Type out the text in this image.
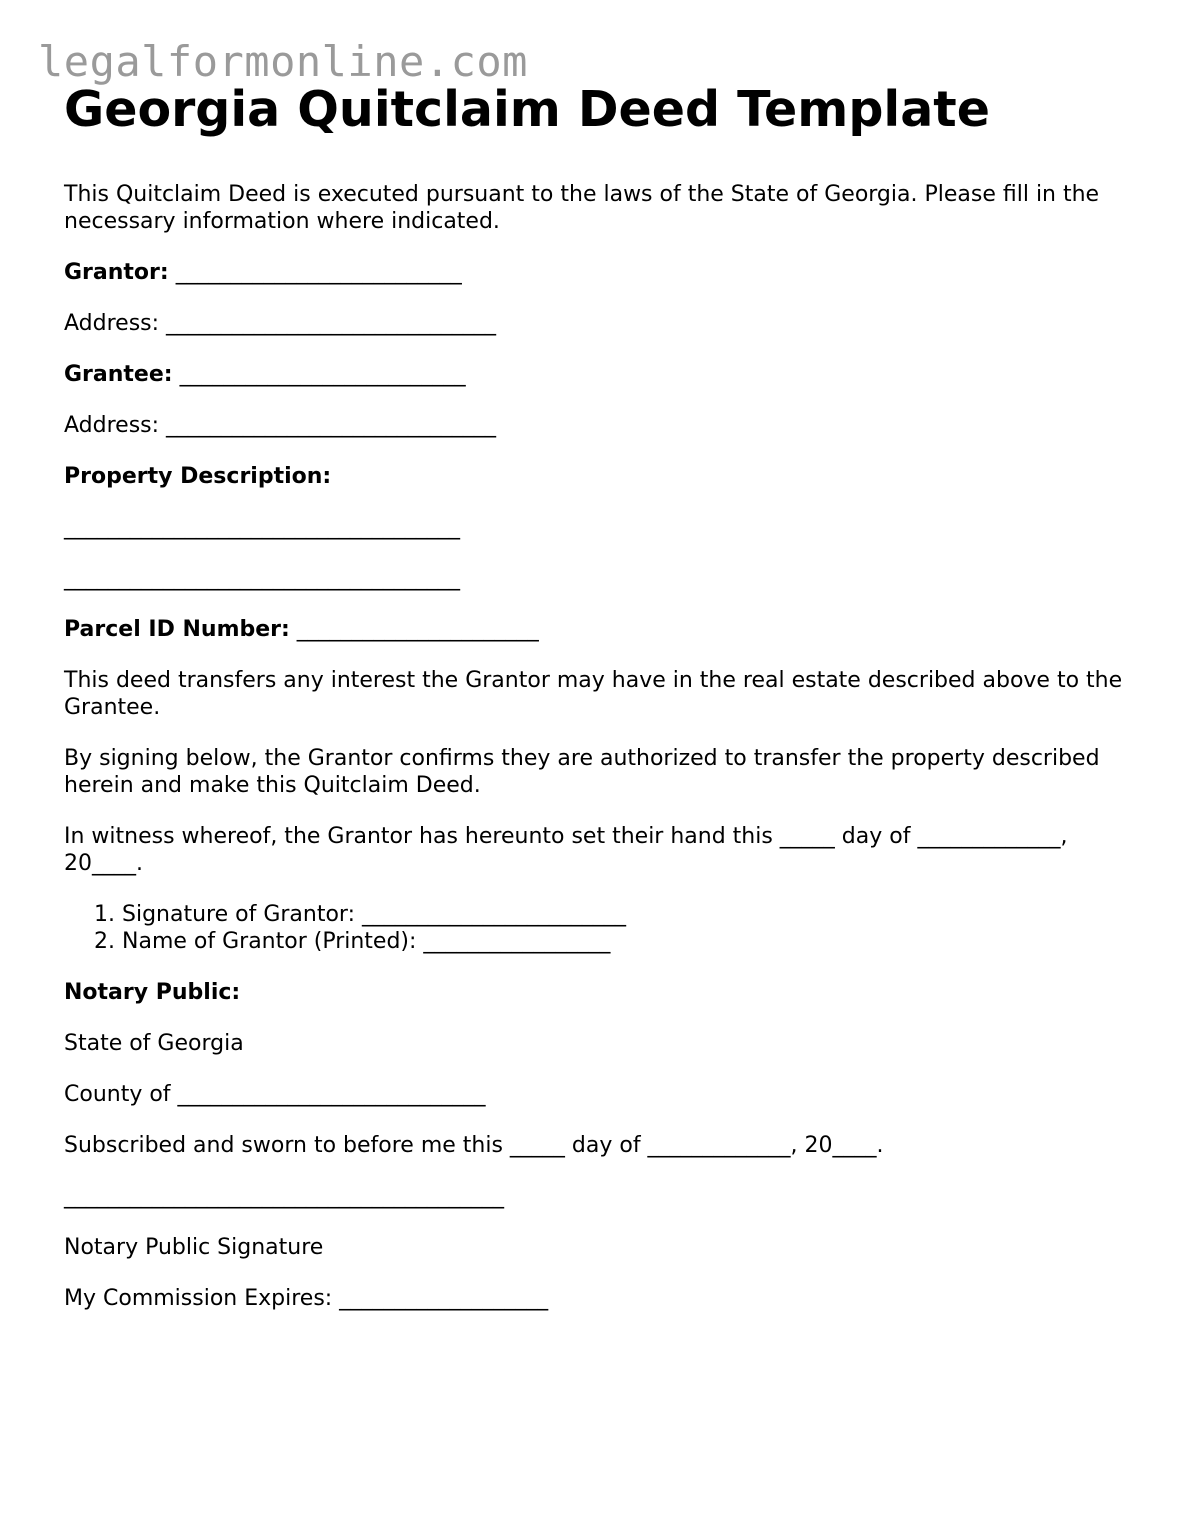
legalformonline.com
Georgia Quitclaim Deed Template

This Quitclaim Deed is executed pursuant to the laws of the State of Georgia. Please fill in the necessary information where indicated.

Grantor: __________________________

Address: ______________________________

Grantee: __________________________

Address: ______________________________

Property Description:

____________________________________

____________________________________

Parcel ID Number: ______________________

This deed transfers any interest the Grantor may have in the real estate described above to the Grantee.

By signing below, the Grantor confirms they are authorized to transfer the property described herein and make this Quitclaim Deed.

In witness whereof, the Grantor has hereunto set their hand this _____ day of _____________, 20____.

1. Signature of Grantor: ________________________
2. Name of Grantor (Printed): _________________

Notary Public:

State of Georgia

County of ____________________________

Subscribed and sworn to before me this _____ day of _____________, 20____.

________________________________________

Notary Public Signature

My Commission Expires: ___________________
